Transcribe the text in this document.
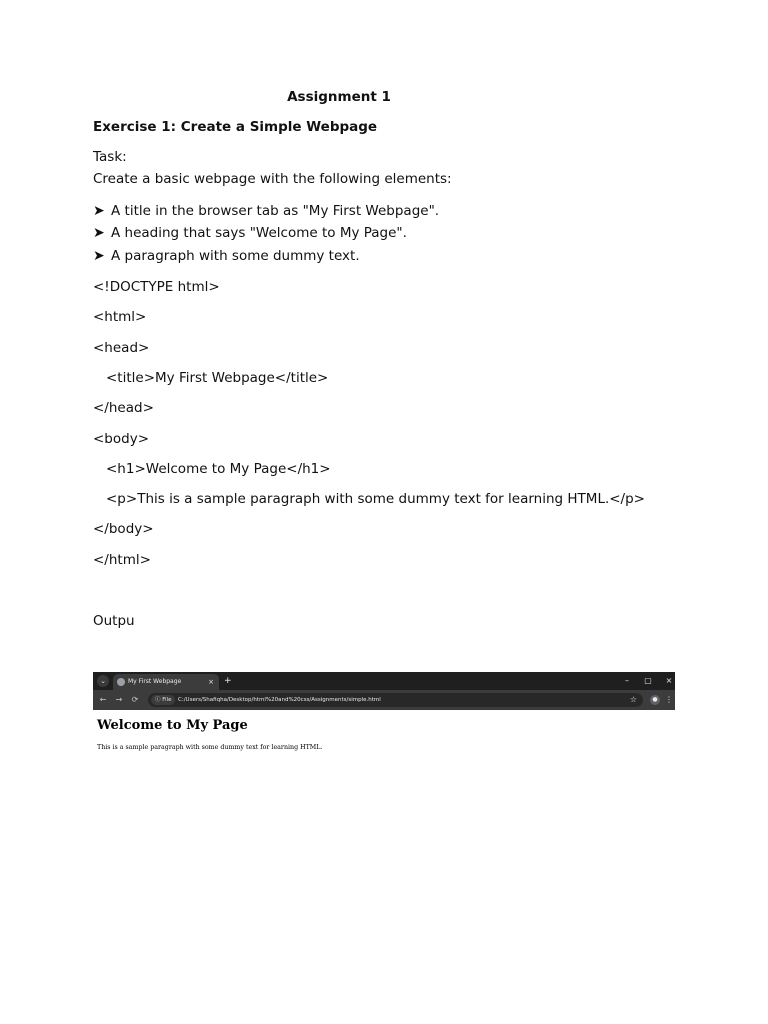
Assignment 1
Exercise 1: Create a Simple Webpage
Task:
Create a basic webpage with the following elements:
➤ A title in the browser tab as "My First Webpage".
➤ A heading that says "Welcome to My Page".
➤ A paragraph with some dummy text.
<!DOCTYPE html>
<html>
<head>
<title>My First Webpage</title>
</head>
<body>
<h1>Welcome to My Page</h1>
<p>This is a sample paragraph with some dummy text for learning HTML.</p>
</body>
</html>
Outpu
⌄	My First Webpage	× +	–	▢	×
← → ⟳	ⓘ File	C:/Users/Shafiqha/Desktop/html%20and%20css/Assignments/simple.html	☆	● ⋮
Welcome to My Page
This is a sample paragraph with some dummy text for learning HTML.
